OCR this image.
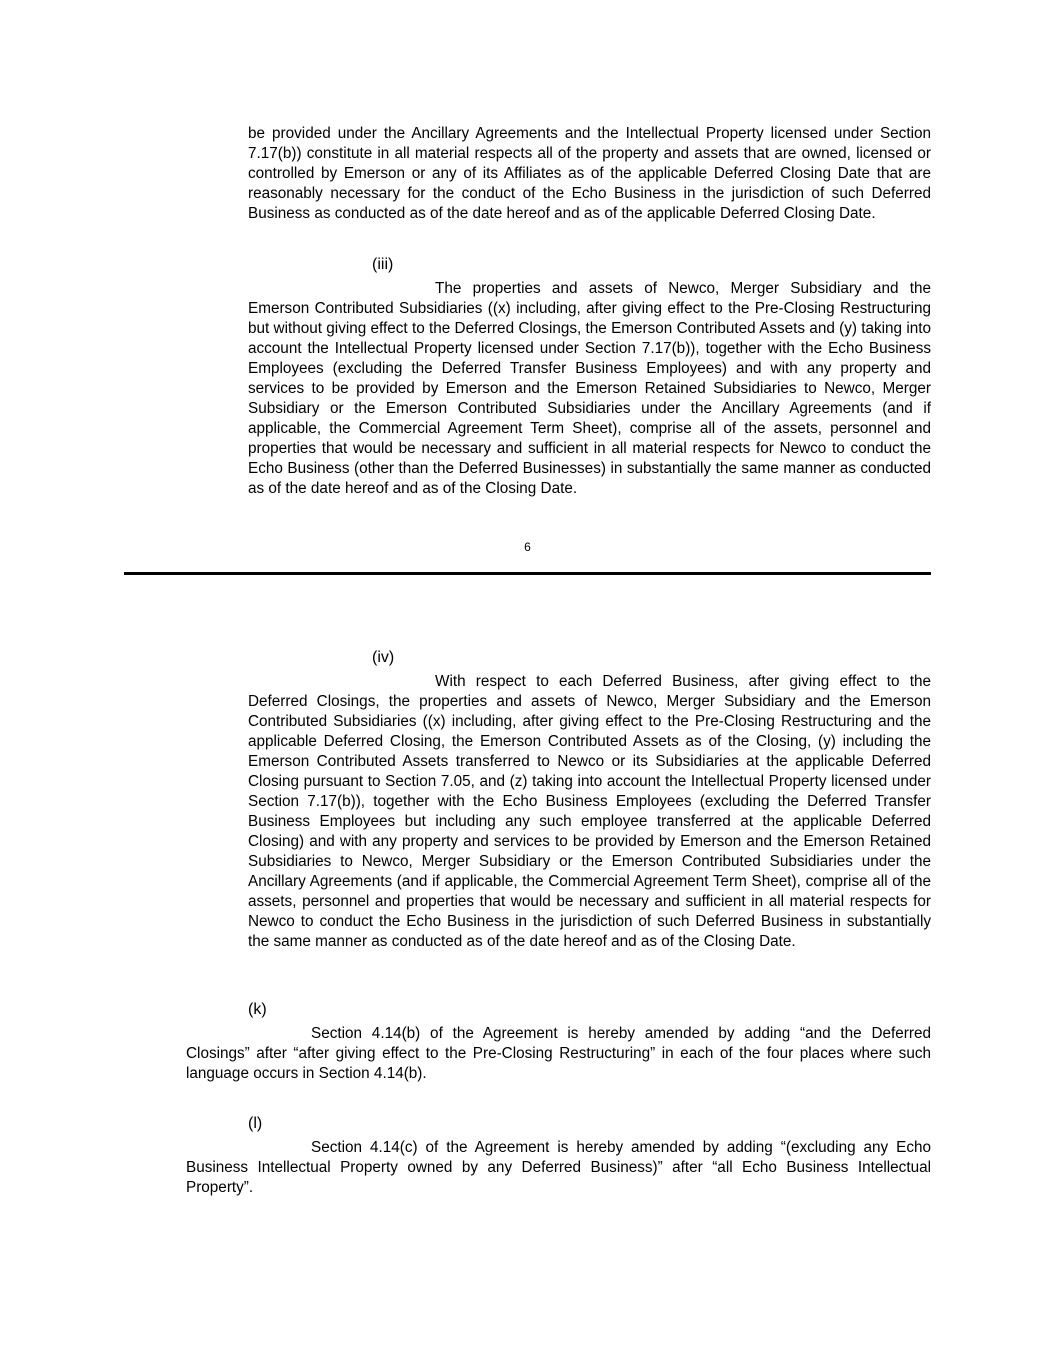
be provided under the Ancillary Agreements and the Intellectual Property licensed under Section 7.17(b)) constitute in all material respects all of the property and assets that are owned, licensed or controlled by Emerson or any of its Affiliates as of the applicable Deferred Closing Date that are reasonably necessary for the conduct of the Echo Business in the jurisdiction of such Deferred Business as conducted as of the date hereof and as of the applicable Deferred Closing Date.

(iii)

The properties and assets of Newco, Merger Subsidiary and the Emerson Contributed Subsidiaries ((x) including, after giving effect to the Pre-Closing Restructuring but without giving effect to the Deferred Closings, the Emerson Contributed Assets and (y) taking into account the Intellectual Property licensed under Section 7.17(b)), together with the Echo Business Employees (excluding the Deferred Transfer Business Employees) and with any property and services to be provided by Emerson and the Emerson Retained Subsidiaries to Newco, Merger Subsidiary or the Emerson Contributed Subsidiaries under the Ancillary Agreements (and if applicable, the Commercial Agreement Term Sheet), comprise all of the assets, personnel and properties that would be necessary and sufficient in all material respects for Newco to conduct the Echo Business (other than the Deferred Businesses) in substantially the same manner as conducted as of the date hereof and as of the Closing Date.

6
(iv)

With respect to each Deferred Business, after giving effect to the Deferred Closings, the properties and assets of Newco, Merger Subsidiary and the Emerson Contributed Subsidiaries ((x) including, after giving effect to the Pre-Closing Restructuring and the applicable Deferred Closing, the Emerson Contributed Assets as of the Closing, (y) including the Emerson Contributed Assets transferred to Newco or its Subsidiaries at the applicable Deferred Closing pursuant to Section 7.05, and (z) taking into account the Intellectual Property licensed under Section 7.17(b)), together with the Echo Business Employees (excluding the Deferred Transfer Business Employees but including any such employee transferred at the applicable Deferred Closing) and with any property and services to be provided by Emerson and the Emerson Retained Subsidiaries to Newco, Merger Subsidiary or the Emerson Contributed Subsidiaries under the Ancillary Agreements (and if applicable, the Commercial Agreement Term Sheet), comprise all of the assets, personnel and properties that would be necessary and sufficient in all material respects for Newco to conduct the Echo Business in the jurisdiction of such Deferred Business in substantially the same manner as conducted as of the date hereof and as of the Closing Date.

(k)

Section 4.14(b) of the Agreement is hereby amended by adding “and the Deferred Closings” after “after giving effect to the Pre-Closing Restructuring” in each of the four places where such language occurs in Section 4.14(b).

(l)

Section 4.14(c) of the Agreement is hereby amended by adding “(excluding any Echo Business Intellectual Property owned by any Deferred Business)” after “all Echo Business Intellectual Property”.
